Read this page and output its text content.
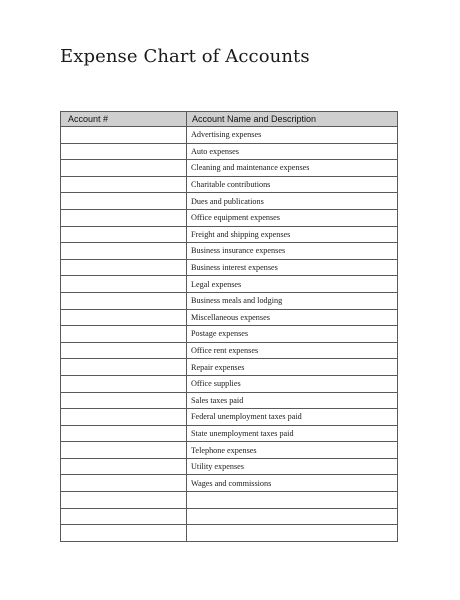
Expense Chart of Accounts
Account #	Account Name and Description
	Advertising expenses
	Auto expenses
	Cleaning and maintenance expenses
	Charitable contributions
	Dues and publications
	Office equipment expenses
	Freight and shipping expenses
	Business insurance expenses
	Business interest expenses
	Legal expenses
	Business meals and lodging
	Miscellaneous expenses
	Postage expenses
	Office rent expenses
	Repair expenses
	Office supplies
	Sales taxes paid
	Federal unemployment taxes paid
	State unemployment taxes paid
	Telephone expenses
	Utility expenses
	Wages and commissions
